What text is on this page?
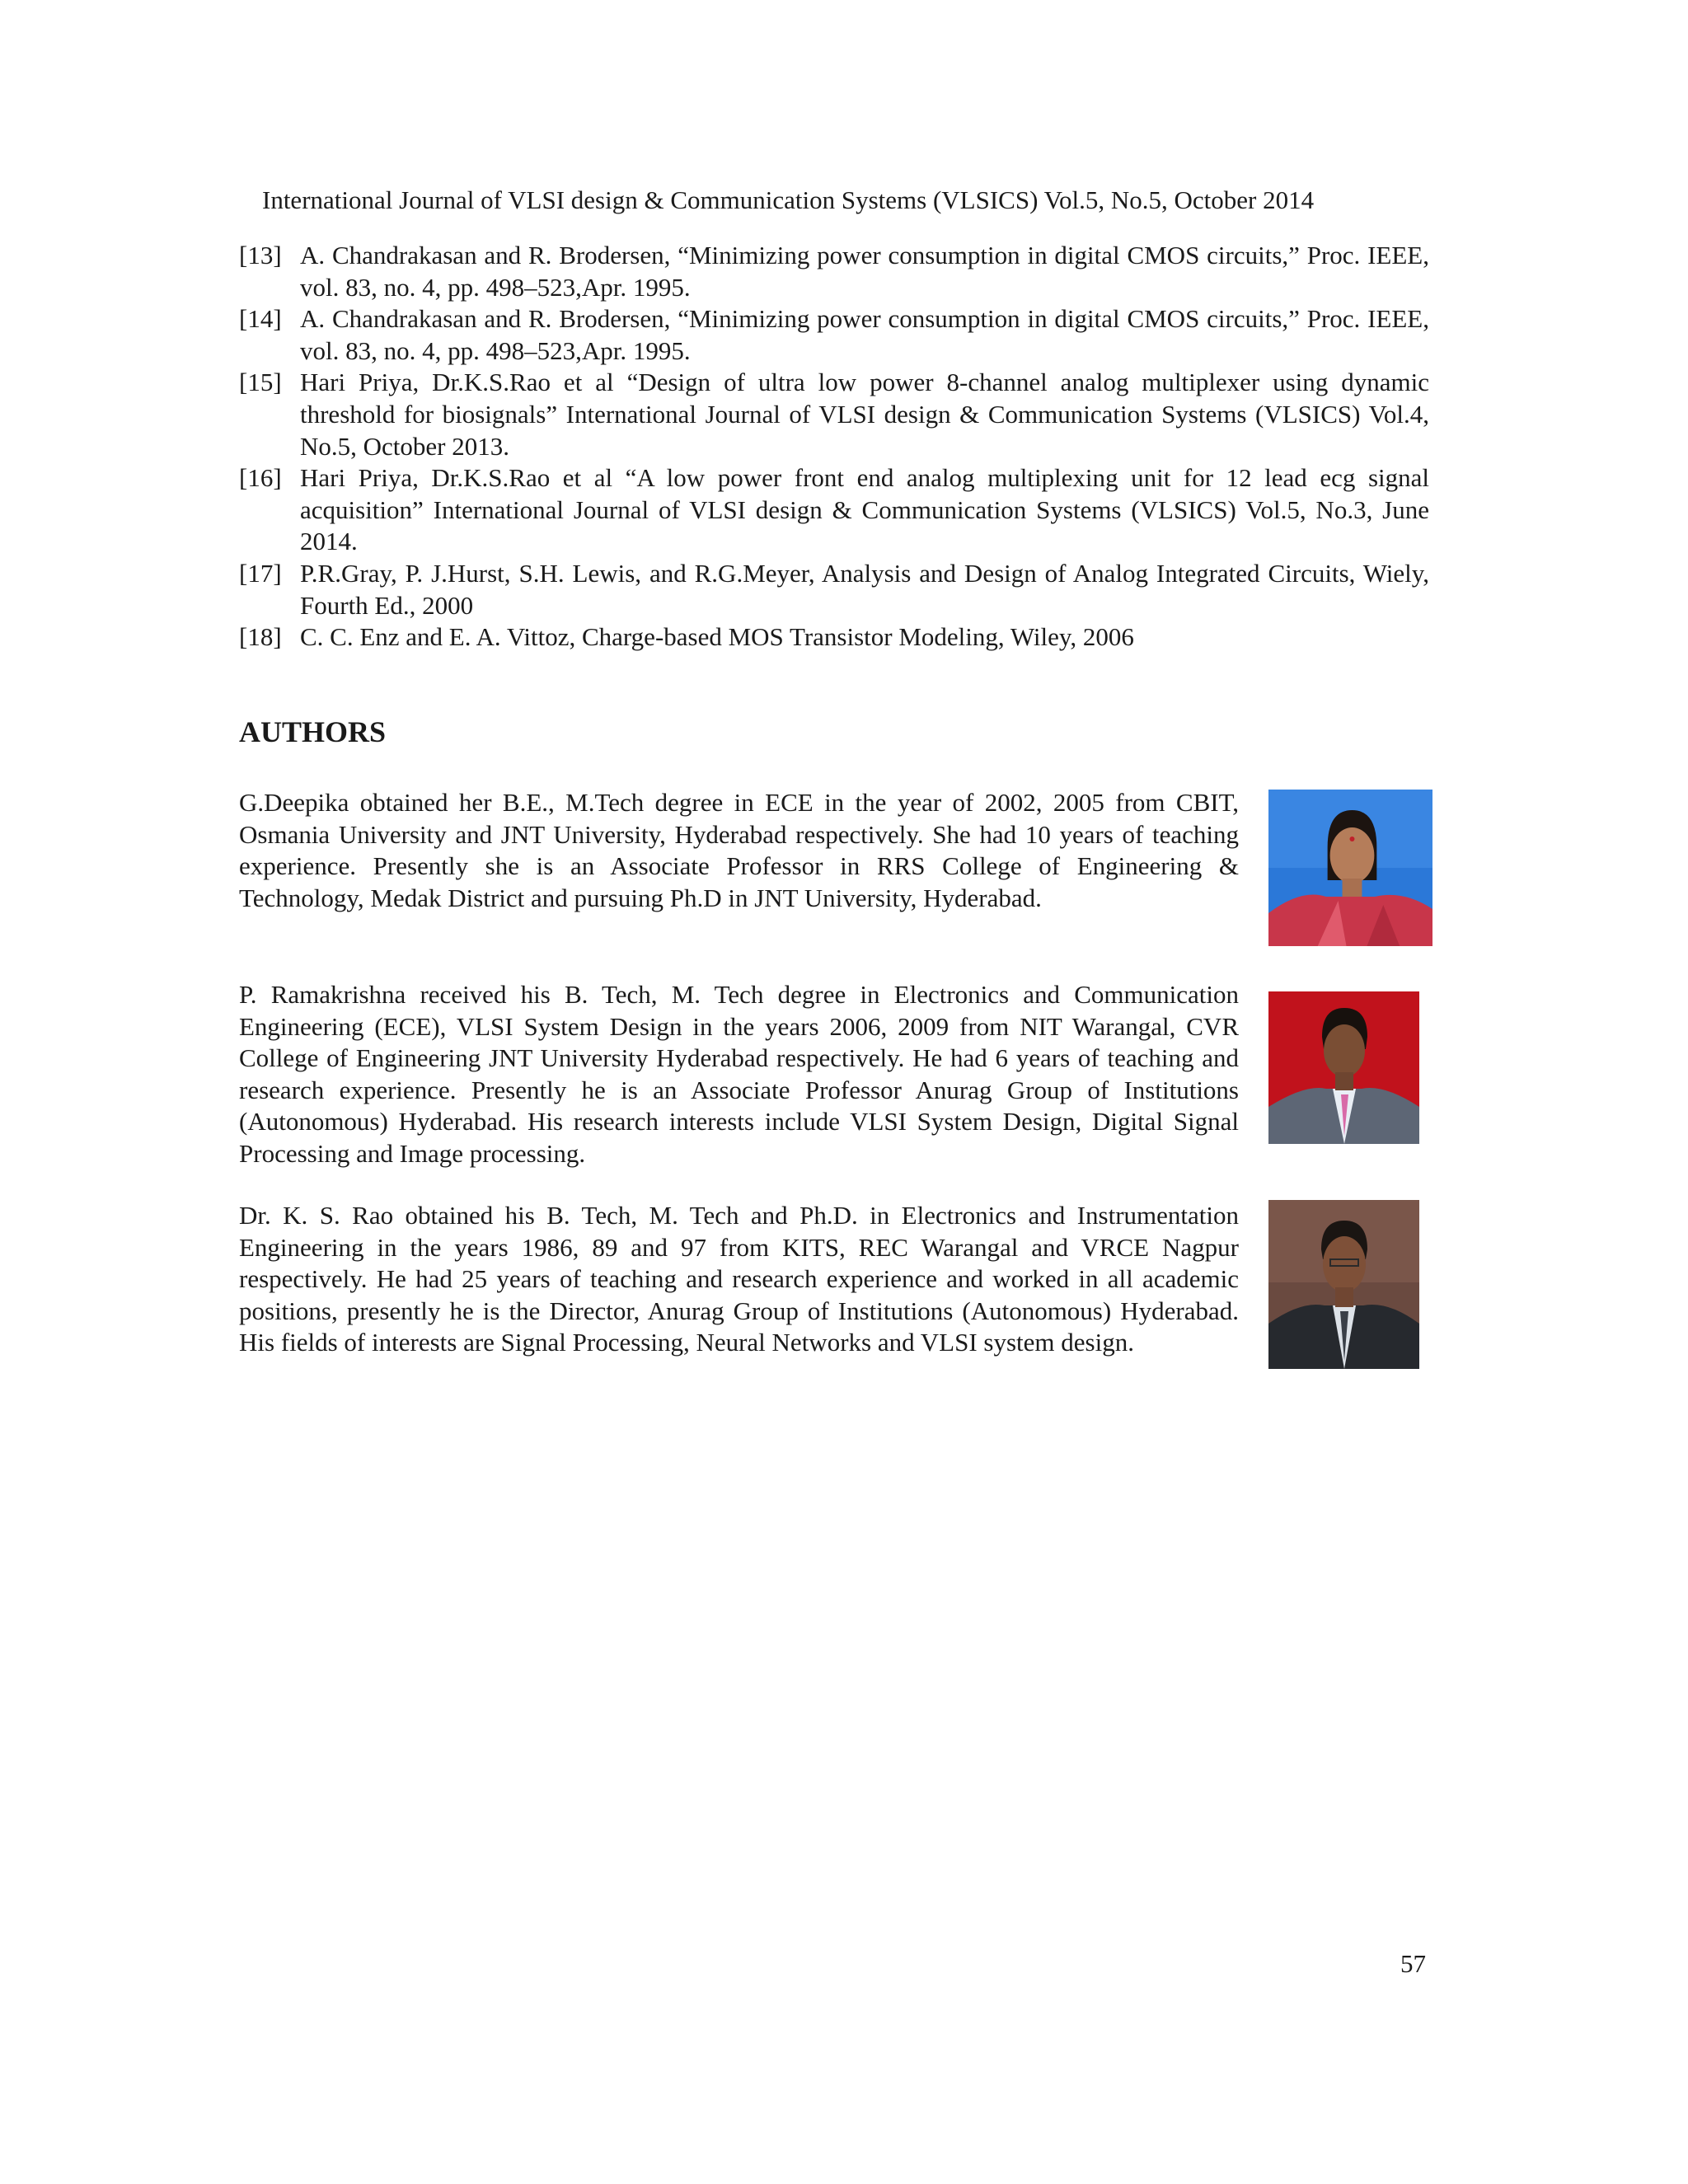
International Journal of VLSI design & Communication Systems (VLSICS) Vol.5, No.5, October 2014
[13] A. Chandrakasan and R. Brodersen, “Minimizing power consumption in digital CMOS circuits,” Proc. IEEE, vol. 83, no. 4, pp. 498–523,Apr. 1995.
[14] A. Chandrakasan and R. Brodersen, “Minimizing power consumption in digital CMOS circuits,” Proc. IEEE, vol. 83, no. 4, pp. 498–523,Apr. 1995.
[15] Hari Priya, Dr.K.S.Rao et al “Design of ultra low power 8-channel analog multiplexer using dynamic threshold for biosignals” International Journal of VLSI design & Communication Systems (VLSICS) Vol.4, No.5, October 2013.
[16] Hari Priya, Dr.K.S.Rao et al “A low power front end analog multiplexing unit for 12 lead ecg signal acquisition” International Journal of VLSI design & Communication Systems (VLSICS) Vol.5, No.3, June 2014.
[17] P.R.Gray, P. J.Hurst, S.H. Lewis, and R.G.Meyer, Analysis and Design of Analog Integrated Circuits, Wiely, Fourth Ed., 2000
[18] C. C. Enz and E. A. Vittoz, Charge-based MOS Transistor Modeling, Wiley, 2006
AUTHORS

G.Deepika obtained her B.E., M.Tech degree in ECE in the year of 2002, 2005 from CBIT, Osmania University and JNT University, Hyderabad respectively. She had 10 years of teaching experience. Presently she is an Associate Professor in RRS College of Engineering & Technology, Medak District and pursuing Ph.D in JNT University, Hyderabad.

P. Ramakrishna received his B. Tech, M. Tech degree in Electronics and Communication Engineering (ECE), VLSI System Design in the years 2006, 2009 from NIT Warangal, CVR College of Engineering JNT University Hyderabad respectively. He had 6 years of teaching and research experience. Presently he is an Associate Professor Anurag Group of Institutions (Autonomous) Hyderabad. His research interests include VLSI System Design, Digital Signal Processing and Image processing.

Dr. K. S. Rao obtained his B. Tech, M. Tech and Ph.D. in Electronics and Instrumentation Engineering in the years 1986, 89 and 97 from KITS, REC Warangal and VRCE Nagpur respectively. He had 25 years of teaching and research experience and worked in all academic positions, presently he is the Director, Anurag Group of Institutions (Autonomous) Hyderabad. His fields of interests are Signal Processing, Neural Networks and VLSI system design.

57
